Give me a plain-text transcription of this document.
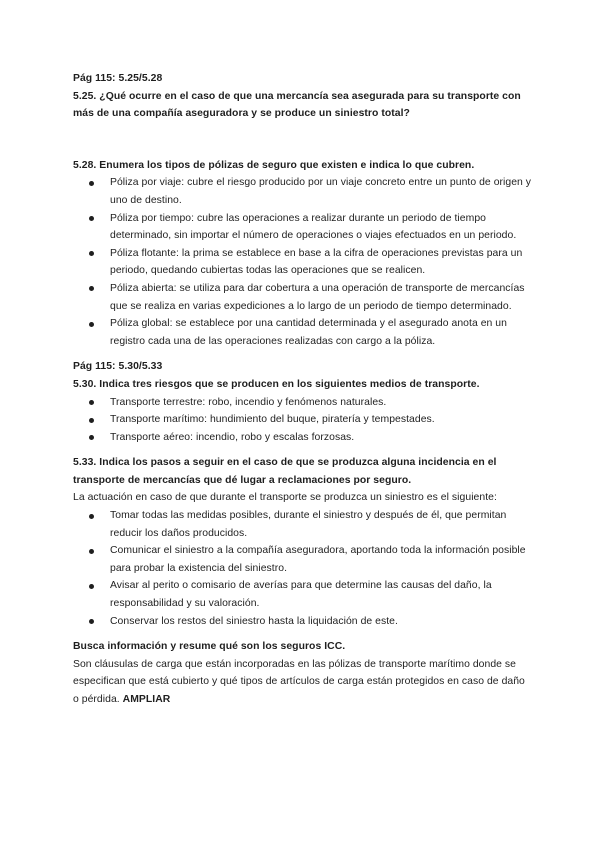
Pág 115: 5.25/5.28

5.25. ¿Qué ocurre en el caso de que una mercancía sea asegurada para su transporte con más de una compañía aseguradora y se produce un siniestro total?

5.28. Enumera los tipos de pólizas de seguro que existen e indica lo que cubren.

Póliza por viaje: cubre el riesgo producido por un viaje concreto entre un punto de origen y uno de destino.
Póliza por tiempo: cubre las operaciones a realizar durante un periodo de tiempo determinado, sin importar el número de operaciones o viajes efectuados en un periodo.
Póliza flotante: la prima se establece en base a la cifra de operaciones previstas para un periodo, quedando cubiertas todas las operaciones que se realicen.
Póliza abierta: se utiliza para dar cobertura a una operación de transporte de mercancías que se realiza en varias expediciones a lo largo de un periodo de tiempo determinado.
Póliza global: se establece por una cantidad determinada y el asegurado anota en un registro cada una de las operaciones realizadas con cargo a la póliza.

Pág 115: 5.30/5.33

5.30. Indica tres riesgos que se producen en los siguientes medios de transporte.

Transporte terrestre: robo, incendio y fenómenos naturales.
Transporte marítimo: hundimiento del buque, piratería y tempestades.
Transporte aéreo: incendio, robo y escalas forzosas.

5.33. Indica los pasos a seguir en el caso de que se produzca alguna incidencia en el transporte de mercancías que dé lugar a reclamaciones por seguro.

La actuación en caso de que durante el transporte se produzca un siniestro es el siguiente:

Tomar todas las medidas posibles, durante el siniestro y después de él, que permitan reducir los daños producidos.
Comunicar el siniestro a la compañía aseguradora, aportando toda la información posible para probar la existencia del siniestro.
Avisar al perito o comisario de averías para que determine las causas del daño, la responsabilidad y su valoración.
Conservar los restos del siniestro hasta la liquidación de este.

Busca información y resume qué son los seguros ICC.

Son cláusulas de carga que están incorporadas en las pólizas de transporte marítimo donde se especifican que está cubierto y qué tipos de artículos de carga están protegidos en caso de daño o pérdida. AMPLIAR
